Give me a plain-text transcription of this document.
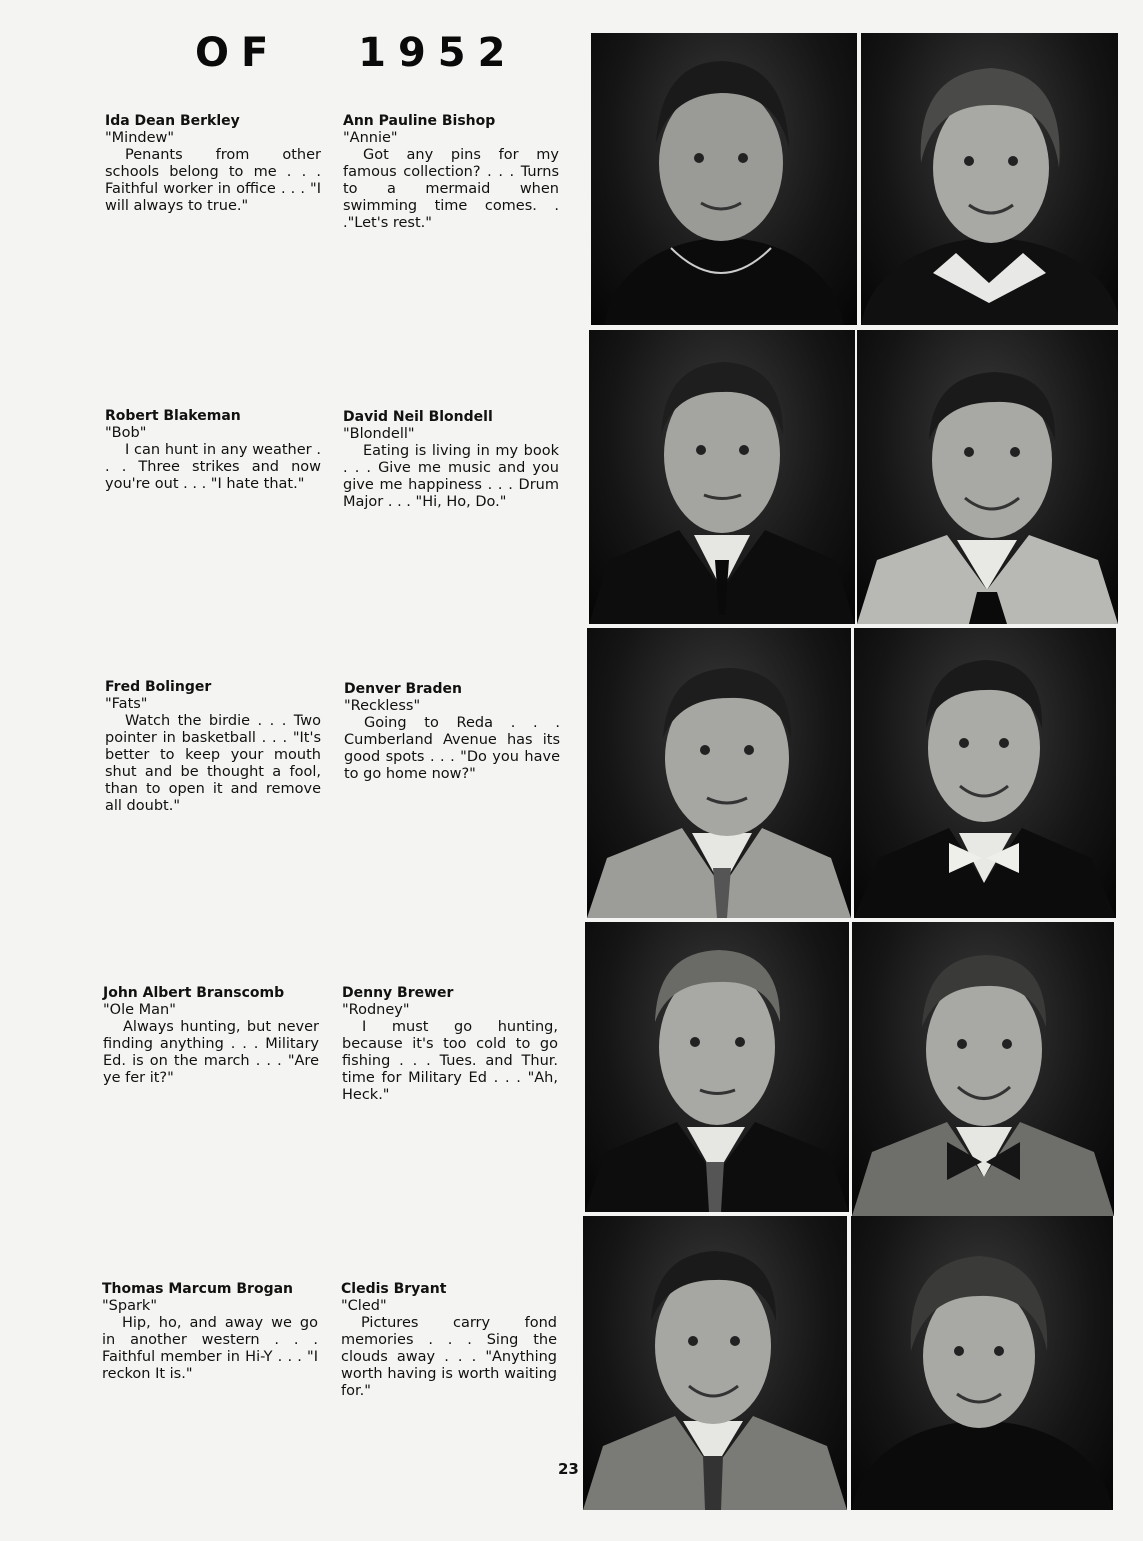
OF   1952
Ida Dean Berkley
"Mindew"
Penants from other schools belong to me . . . Faithful worker in office . . . "I will always to true."
Ann Pauline Bishop
"Annie"
Got any pins for my famous collection? . . . Turns to a mermaid when swimming time comes. . ."Let's rest."
Robert Blakeman
"Bob"
I can hunt in any weather . . . Three strikes and now you're out . . . "I hate that."
David Neil Blondell
"Blondell"
Eating is living in my book . . . Give me music and you give me happiness . . . Drum Major . . . "Hi, Ho, Do."
Fred Bolinger
"Fats"
Watch the birdie . . . Two pointer in basketball . . . "It's better to keep your mouth shut and be thought a fool, than to open it and remove all doubt."
Denver Braden
"Reckless"
Going to Reda . . . Cumberland Avenue has its good spots . . . "Do you have to go home now?"
John Albert Branscomb
"Ole Man"
Always hunting, but never finding anything . . . Military Ed. is on the march . . . "Are ye fer it?"
Denny Brewer
"Rodney"
I must go hunting, because it's too cold to go fishing . . . Tues. and Thur. time for Military Ed . . . "Ah, Heck."
Thomas Marcum Brogan
"Spark"
Hip, ho, and away we go in another western . . . Faithful member in Hi-Y . . . "I reckon It is."
Cledis Bryant
"Cled"
Pictures carry fond memories . . . Sing the clouds away . . . "Anything worth having is worth waiting for."
23
